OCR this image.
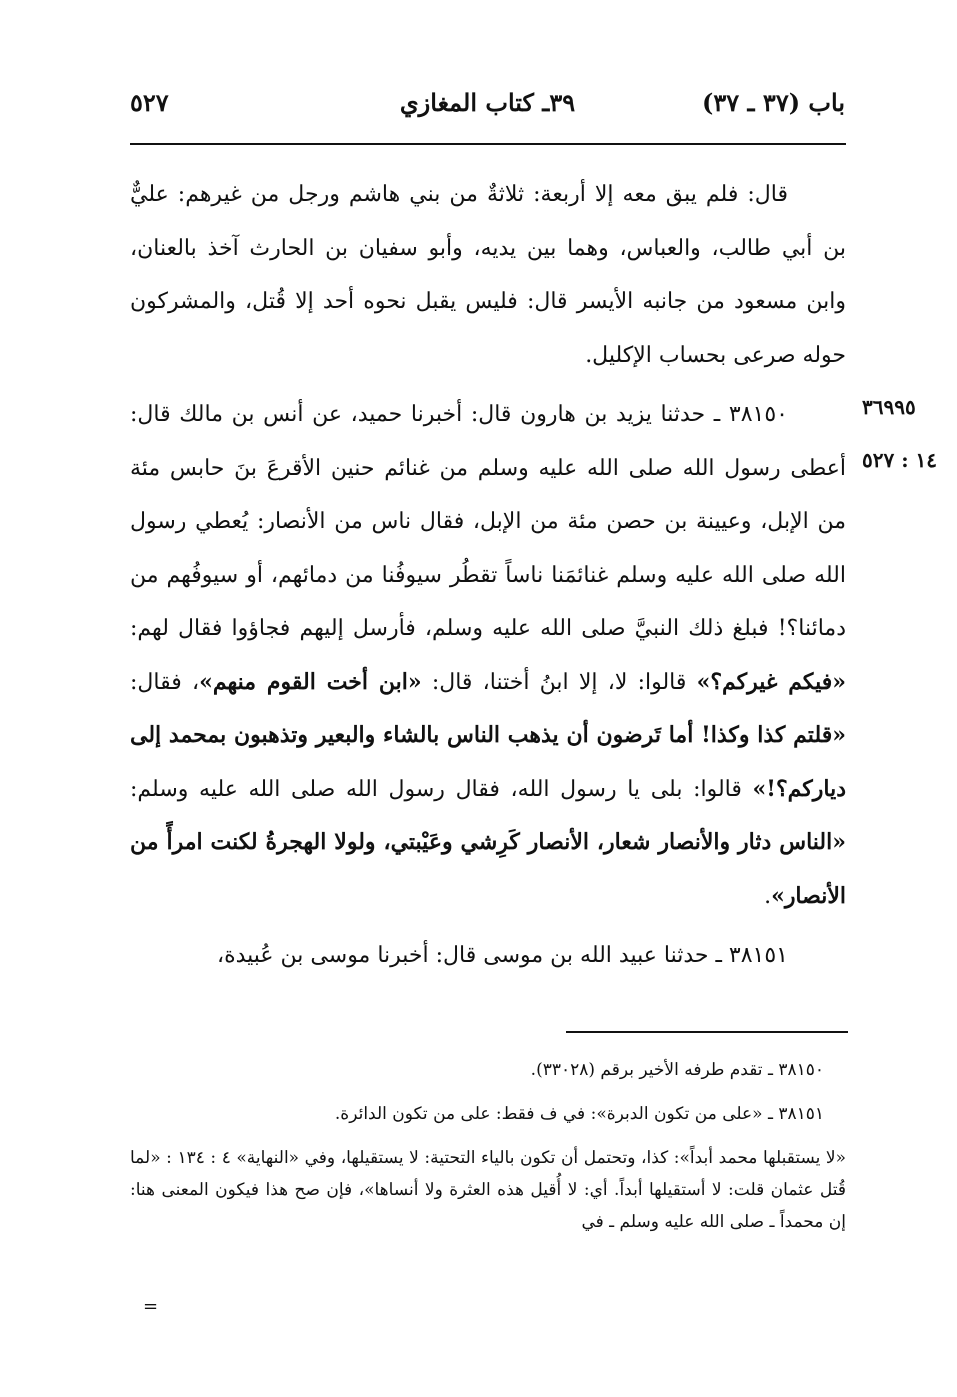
باب (٣٧ ـ ٣٧)
٣٩ـ كتاب المغازي
٥٢٧
٣٦٩٩٥
١٤ : ٥٢٧

قال: فلم يبق معه إلا أربعة: ثلاثةٌ من بني هاشم ورجل من غيرهم: عليٌّ بن أبي طالب، والعباس، وهما بين يديه، وأبو سفيان بن الحارث آخذ بالعنان، وابن مسعود من جانبه الأيسر قال: فليس يقبل نحوه أحد إلا قُتل، والمشركون حوله صرعى بحساب الإكليل.

٣٨١٥٠ ـ حدثنا يزيد بن هارون قال: أخبرنا حميد، عن أنس بن مالك قال: أعطى رسول الله صلى الله عليه وسلم من غنائم حنين الأقرعَ بنَ حابس مئة من الإبل، وعيينة بن حصن مئة من الإبل، فقال ناس من الأنصار: يُعطي رسول الله صلى الله عليه وسلم غنائمَنا ناساً تقطُر سيوفُنا من دمائهم، أو سيوفُهم من دمائنا؟! فبلغ ذلك النبيَّ صلى الله عليه وسلم، فأرسل إليهم فجاؤوا فقال لهم: «فيكم غيركم؟» قالوا: لا، إلا ابنُ أختنا، قال: «ابن أخت القوم منهم»، فقال: «قلتم كذا وكذا! أما تَرضون أن يذهب الناس بالشاء والبعير وتذهبون بمحمد إلى دياركم؟!» قالوا: بلى يا رسول الله، فقال رسول الله صلى الله عليه وسلم: «الناس دثار والأنصار شعار، الأنصار كَرِشي وعَيْبتي، ولولا الهجرةُ لكنت امرأً من الأنصار».

٣٨١٥١ ـ حدثنا عبيد الله بن موسى قال: أخبرنا موسى بن عُبيدة،

٣٨١٥٠ ـ تقدم طرفه الأخير برقم (٣٣٠٢٨).

٣٨١٥١ ـ «على من تكون الدبرة»: في ف فقط: على من تكون الدائرة.

«لا يستقبلها محمد أبداً»: كذا، وتحتمل أن تكون بالياء التحتية: لا يستقيلها، وفي «النهاية» ٤ : ١٣٤ : «لما قُتل عثمان قلت: لا أستقيلها أبداً. أي: لا أُقيل هذه العثرة ولا أنساها»، فإن صح هذا فيكون المعنى هنا: إن محمداً ـ صلى الله عليه وسلم ـ في

=
